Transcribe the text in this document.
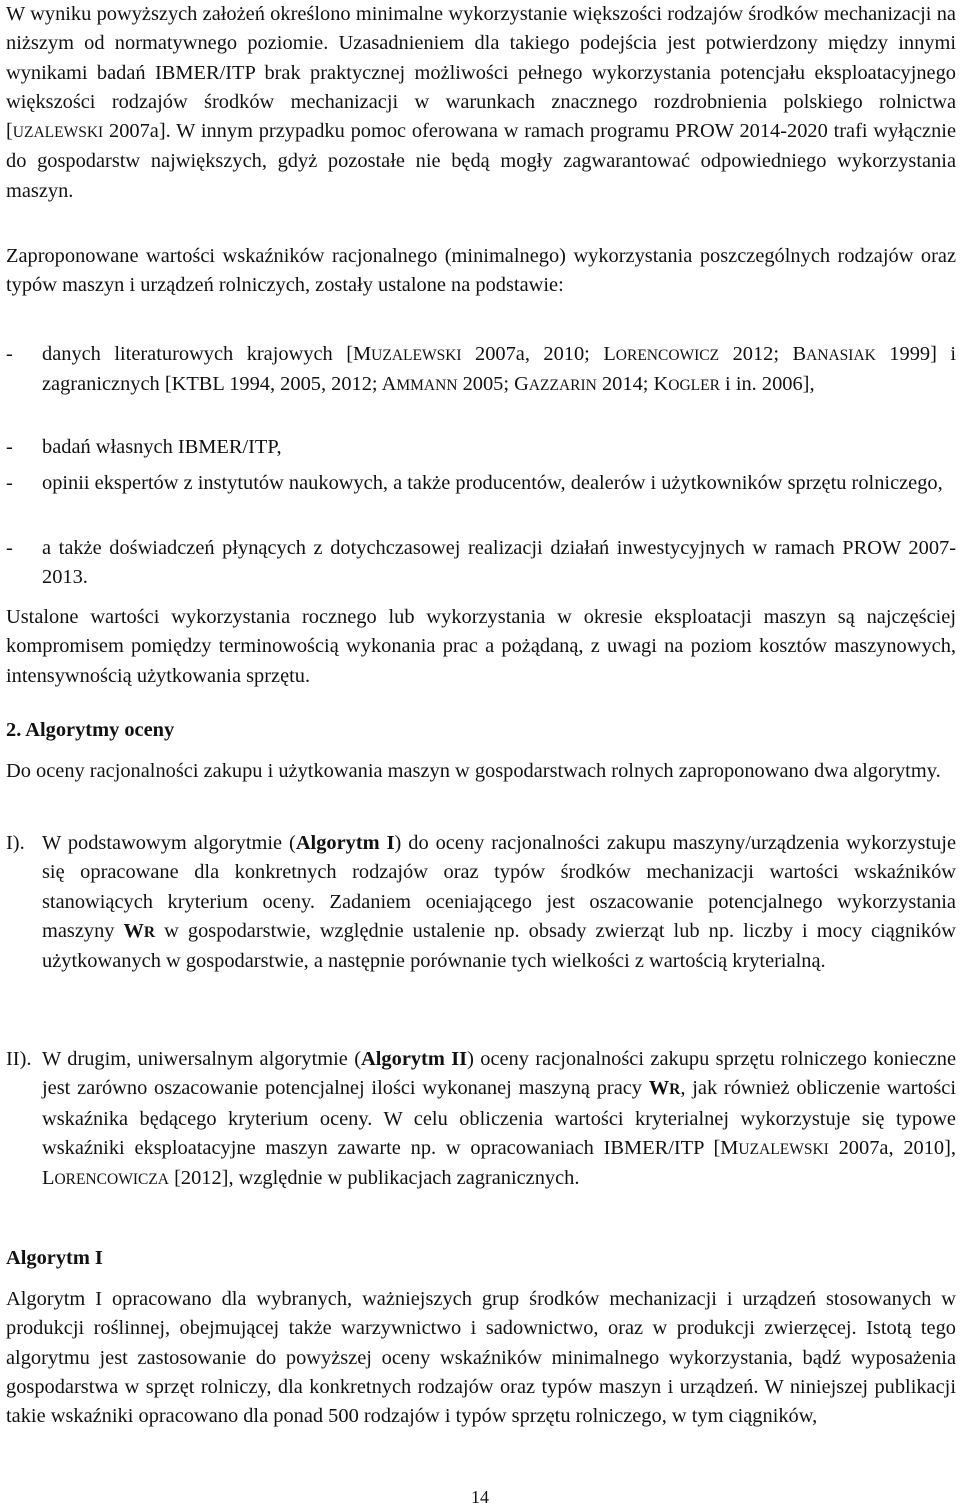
W wyniku powyższych założeń określono minimalne wykorzystanie większości rodzajów środków mechanizacji na niższym od normatywnego poziomie. Uzasadnieniem dla takiego podejścia jest potwierdzony między innymi wynikami badań IBMER/ITP brak praktycznej możliwości pełnego wykorzystania potencjału eksploatacyjnego większości rodzajów środków mechanizacji w warunkach znacznego rozdrobnienia polskiego rolnictwa [UZALEWSKI 2007a]. W innym przypadku pomoc oferowana w ramach programu PROW 2014-2020 trafi wyłącznie do gospodarstw największych, gdyż pozostałe nie będą mogły zagwarantować odpowiedniego wykorzystania maszyn.

Zaproponowane wartości wskaźników racjonalnego (minimalnego) wykorzystania poszczególnych rodzajów oraz typów maszyn i urządzeń rolniczych, zostały ustalone na podstawie:

- danych literaturowych krajowych [MUZALEWSKI 2007a, 2010; LORENCOWICZ 2012; BANASIAK 1999] i zagranicznych [KTBL 1994, 2005, 2012; AMMANN 2005; GAZZARIN 2014; KOGLER i in. 2006],
- badań własnych IBMER/ITP,
- opinii ekspertów z instytutów naukowych, a także producentów, dealerów i użytkowników sprzętu rolniczego,
- a także doświadczeń płynących z dotychczasowej realizacji działań inwestycyjnych w ramach PROW 2007-2013.

Ustalone wartości wykorzystania rocznego lub wykorzystania w okresie eksploatacji maszyn są najczęściej kompromisem pomiędzy terminowością wykonania prac a pożądaną, z uwagi na poziom kosztów maszynowych, intensywnością użytkowania sprzętu.

2. Algorytmy oceny

Do oceny racjonalności zakupu i użytkowania maszyn w gospodarstwach rolnych zaproponowano dwa algorytmy.

I). W podstawowym algorytmie (Algorytm I) do oceny racjonalności zakupu maszyny/urządzenia wykorzystuje się opracowane dla konkretnych rodzajów oraz typów środków mechanizacji wartości wskaźników stanowiących kryterium oceny. Zadaniem oceniającego jest oszacowanie potencjalnego wykorzystania maszyny WR w gospodarstwie, względnie ustalenie np. obsady zwierząt lub np. liczby i mocy ciągników użytkowanych w gospodarstwie, a następnie porównanie tych wielkości z wartością kryterialną.

II). W drugim, uniwersalnym algorytmie (Algorytm II) oceny racjonalności zakupu sprzętu rolniczego konieczne jest zarówno oszacowanie potencjalnej ilości wykonanej maszyną pracy WR, jak również obliczenie wartości wskaźnika będącego kryterium oceny. W celu obliczenia wartości kryterialnej wykorzystuje się typowe wskaźniki eksploatacyjne maszyn zawarte np. w opracowaniach IBMER/ITP [MUZALEWSKI 2007a, 2010], LORENCOWICZA [2012], względnie w publikacjach zagranicznych.

Algorytm I

Algorytm I opracowano dla wybranych, ważniejszych grup środków mechanizacji i urządzeń stosowanych w produkcji roślinnej, obejmującej także warzywnictwo i sadownictwo, oraz w produkcji zwierzęcej. Istotą tego algorytmu jest zastosowanie do powyższej oceny wskaźników minimalnego wykorzystania, bądź wyposażenia gospodarstwa w sprzęt rolniczy, dla konkretnych rodzajów oraz typów maszyn i urządzeń. W niniejszej publikacji takie wskaźniki opracowano dla ponad 500 rodzajów i typów sprzętu rolniczego, w tym ciągników,

14
